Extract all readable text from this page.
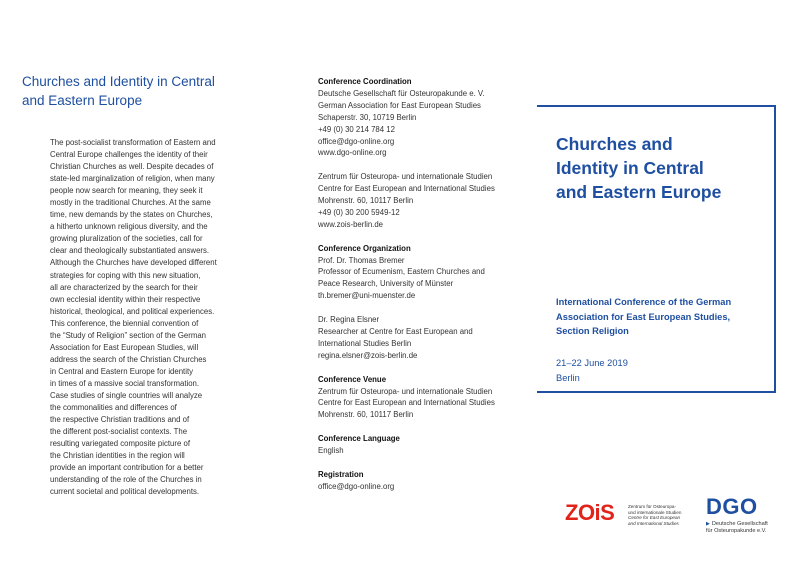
Churches and Identity in Central
and Eastern Europe
The post-socialist transformation of Eastern and
Central Europe challenges the identity of their
Christian Churches as well. Despite decades of
state-led marginalization of religion, when many
people now search for meaning, they seek it
mostly in the traditional Churches. At the same
time, new demands by the states on Churches,
a hitherto unknown religious diversity, and the
growing pluralization of the societies, call for
clear and theologically substantiated answers.
Although the Churches have developed different
strategies for coping with this new situation,
all are characterized by the search for their
own ecclesial identity within their respective
historical, theological, and political experiences.
This conference, the biennial convention of
the “Study of Religion” section of the German
Association for East European Studies, will
address the search of the Christian Churches
in Central and Eastern Europe for identity
in times of a massive social transformation.
Case studies of single countries will analyze
the commonalities and differences of
the respective Christian traditions and of
the different post-socialist contexts. The
resulting variegated composite picture of
the Christian identities in the region will
provide an important contribution for a better
understanding of the role of the Churches in
current societal and political developments.
Conference Coordination
Deutsche Gesellschaft für Osteuropakunde e. V.
German Association for East European Studies
Schaperstr. 30, 10719 Berlin
+49 (0) 30 214 784 12
office@dgo-online.org
www.dgo-online.org
Zentrum für Osteuropa- und internationale Studien
Centre for East European and International Studies
Mohrenstr. 60, 10117 Berlin
+49 (0) 30 200 5949-12
www.zois-berlin.de
Conference Organization
Prof. Dr. Thomas Bremer
Professor of Ecumenism, Eastern Churches and
Peace Research, University of Münster
th.bremer@uni-muenster.de
Dr. Regina Elsner
Researcher at Centre for East European and
International Studies Berlin
regina.elsner@zois-berlin.de
Conference Venue
Zentrum für Osteuropa- und internationale Studien
Centre for East European and International Studies
Mohrenstr. 60, 10117 Berlin
Conference Language
English
Registration
office@dgo-online.org
Churches and
Identity in Central
and Eastern Europe
International Conference of the German
Association for East European Studies,
Section Religion
21–22 June 2019
Berlin
ZOiS	Zentrum für Osteuropa-
und internationale Studien
Centre for East European
and International Studies
DGO
▶ Deutsche Gesellschaft
für Osteuropakunde e.V.
